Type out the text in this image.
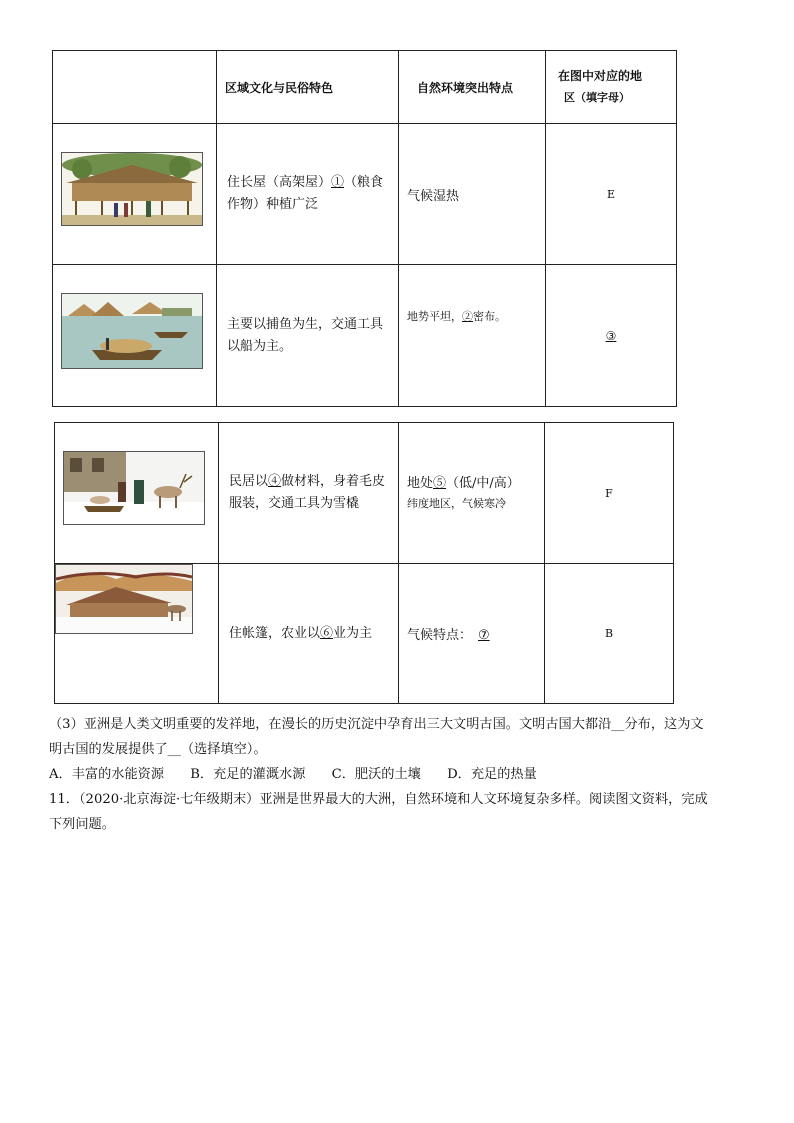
	区域文化与民俗特色	自然环境突出特点	在图中对应的地
区（填字母）

	住长屋（高架屋）①（粮食作物）种植广泛	气候湿热	E

	主要以捕鱼为生，交通工具以船为主。	地势平坦，②密布。	③
	民居以④做材料，身着毛皮服装，交通工具为雪橇	地处⑤（低/中/高）
纬度地区，气候寒冷	F

	住帐篷，农业以⑥业为主	气候特点： ⑦	B
（3）亚洲是人类文明重要的发祥地，在漫长的历史沉淀中孕育出三大文明古国。文明古国大都沿__分布，这为文
明古国的发展提供了__（选择填空）。
A．丰富的水能资源 B．充足的灌溉水源 C．肥沃的土壤 D．充足的热量
11．（2020·北京海淀·七年级期末）亚洲是世界最大的大洲，自然环境和人文环境复杂多样。阅读图文资料，完成
下列问题。
